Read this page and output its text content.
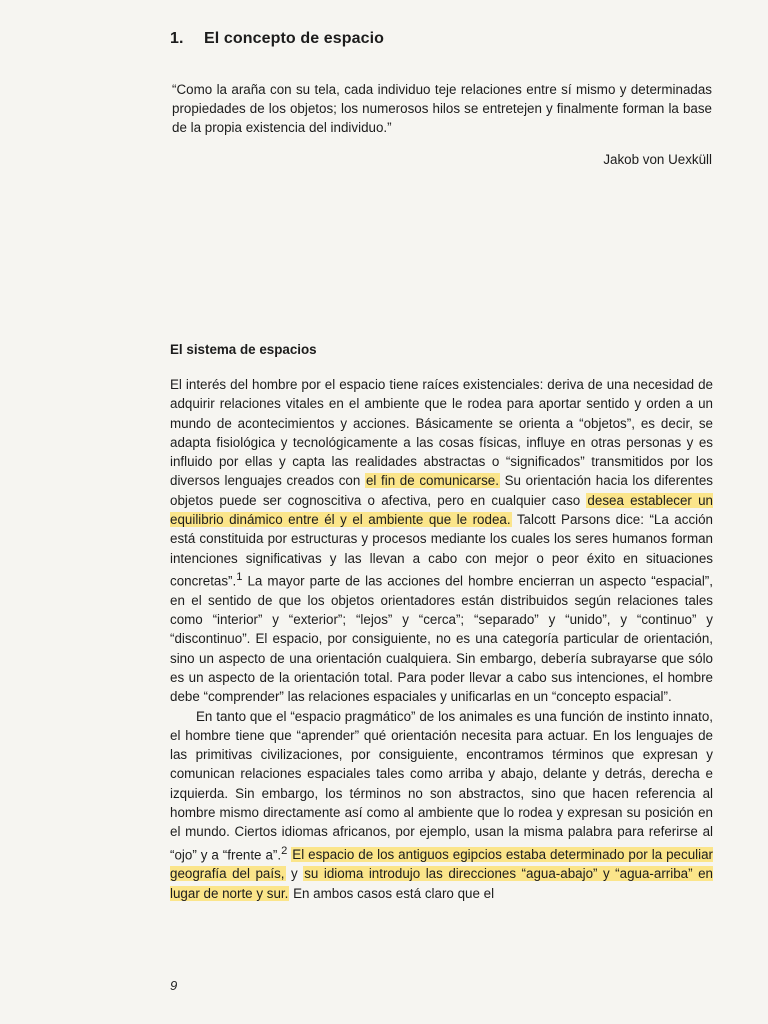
1. El concepto de espacio
“Como la araña con su tela, cada individuo teje relaciones entre sí mismo y determinadas propiedades de los objetos; los numerosos hilos se entretejen y finalmente forman la base de la propia existencia del individuo.”
Jakob von Uexküll
El sistema de espacios

El interés del hombre por el espacio tiene raíces existenciales: deriva de una necesidad de adquirir relaciones vitales en el ambiente que le rodea para aportar sentido y orden a un mundo de acontecimientos y acciones. Básicamente se orienta a “objetos”, es decir, se adapta fisiológica y tecnológicamente a las cosas físicas, influye en otras personas y es influido por ellas y capta las realidades abstractas o “significados” transmitidos por los diversos lenguajes creados con el fin de comunicarse. Su orientación hacia los diferentes objetos puede ser cognoscitiva o afectiva, pero en cualquier caso desea establecer un equilibrio dinámico entre él y el ambiente que le rodea. Talcott Parsons dice: “La acción está constituida por estructuras y procesos mediante los cuales los seres humanos forman intenciones significativas y las llevan a cabo con mejor o peor éxito en situaciones concretas”.$^1$ La mayor parte de las acciones del hombre encierran un aspecto “espacial”, en el sentido de que los objetos orientadores están distribuidos según relaciones tales como “interior” y “exterior”; “lejos” y “cerca”; “separado” y “unido”, y “continuo” y “discontinuo”. El espacio, por consiguiente, no es una categoría particular de orientación, sino un aspecto de una orientación cualquiera. Sin embargo, debería subrayarse que sólo es un aspecto de la orientación total. Para poder llevar a cabo sus intenciones, el hombre debe “comprender” las relaciones espaciales y unificarlas en un “concepto espacial”.

En tanto que el “espacio pragmático” de los animales es una función de instinto innato, el hombre tiene que “aprender” qué orientación necesita para actuar. En los lenguajes de las primitivas civilizaciones, por consiguiente, encontramos términos que expresan y comunican relaciones espaciales tales como arriba y abajo, delante y detrás, derecha e izquierda. Sin embargo, los términos no son abstractos, sino que hacen referencia al hombre mismo directamente así como al ambiente que lo rodea y expresan su posición en el mundo. Ciertos idiomas africanos, por ejemplo, usan la misma palabra para referirse al “ojo” y a “frente a”.$^2$ El espacio de los antiguos egipcios estaba determinado por la peculiar geografía del país, y su idioma introdujo las direcciones “agua-abajo” y “agua-arriba” en lugar de norte y sur. En ambos casos está claro que el

9
